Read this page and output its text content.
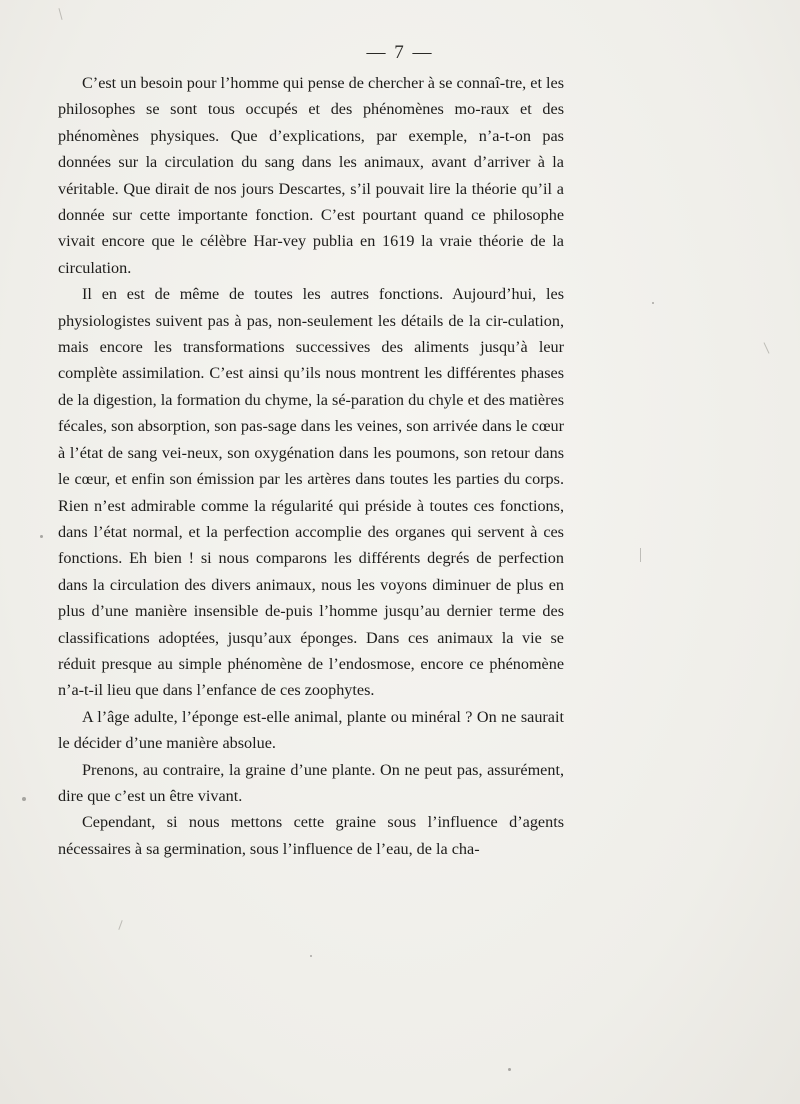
— 7 —

C’est un besoin pour l’homme qui pense de chercher à se connaî-tre, et les philosophes se sont tous occupés et des phénomènes mo-raux et des phénomènes physiques. Que d’explications, par exemple, n’a-t-on pas données sur la circulation du sang dans les animaux, avant d’arriver à la véritable. Que dirait de nos jours Descartes, s’il pouvait lire la théorie qu’il a donnée sur cette importante fonction. C’est pourtant quand ce philosophe vivait encore que le célèbre Har-vey publia en 1619 la vraie théorie de la circulation.

Il en est de même de toutes les autres fonctions. Aujourd’hui, les physiologistes suivent pas à pas, non-seulement les détails de la cir-culation, mais encore les transformations successives des aliments jusqu’à leur complète assimilation. C’est ainsi qu’ils nous montrent les différentes phases de la digestion, la formation du chyme, la sé-paration du chyle et des matières fécales, son absorption, son pas-sage dans les veines, son arrivée dans le cœur à l’état de sang vei-neux, son oxygénation dans les poumons, son retour dans le cœur, et enfin son émission par les artères dans toutes les parties du corps. Rien n’est admirable comme la régularité qui préside à toutes ces fonctions, dans l’état normal, et la perfection accomplie des organes qui servent à ces fonctions. Eh bien ! si nous comparons les différents degrés de perfection dans la circulation des divers animaux, nous les voyons diminuer de plus en plus d’une manière insensible de-puis l’homme jusqu’au dernier terme des classifications adoptées, jusqu’aux éponges. Dans ces animaux la vie se réduit presque au simple phénomène de l’endosmose, encore ce phénomène n’a-t-il lieu que dans l’enfance de ces zoophytes.

A l’âge adulte, l’éponge est-elle animal, plante ou minéral ? On ne saurait le décider d’une manière absolue.

Prenons, au contraire, la graine d’une plante. On ne peut pas, assurément, dire que c’est un être vivant.

Cependant, si nous mettons cette graine sous l’influence d’agents nécessaires à sa germination, sous l’influence de l’eau, de la cha-
